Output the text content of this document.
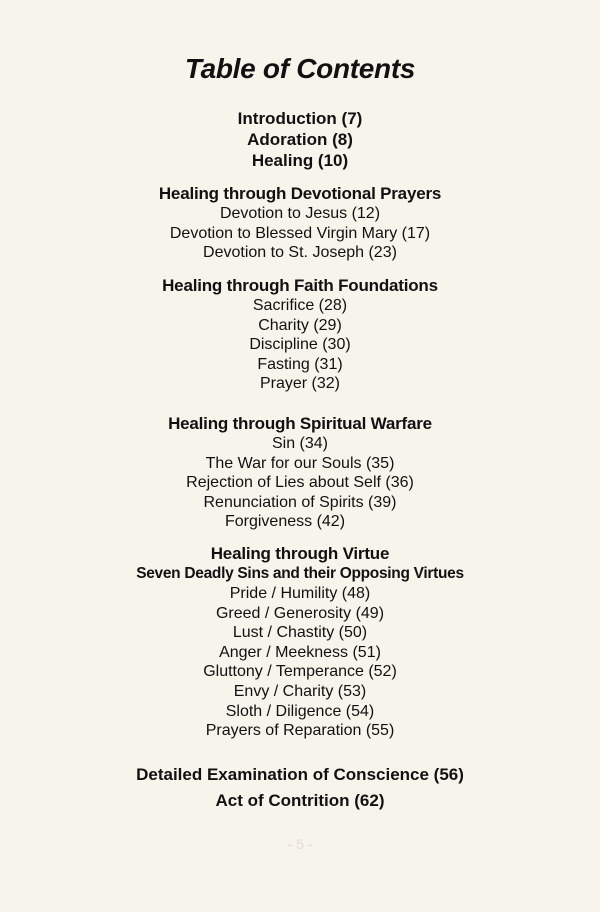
Table of Contents
Introduction (7)
Adoration (8)
Healing (10)
Healing through Devotional Prayers
Devotion to Jesus (12)
Devotion to Blessed Virgin Mary (17)
Devotion to St. Joseph (23)
Healing through Faith Foundations
Sacrifice (28)
Charity (29)
Discipline (30)
Fasting (31)
Prayer (32)
Healing through Spiritual Warfare
Sin (34)
The War for our Souls (35)
Rejection of Lies about Self (36)
Renunciation of Spirits (39)
Forgiveness (42)
Healing through Virtue
Seven Deadly Sins and their Opposing Virtues
Pride / Humility (48)
Greed / Generosity (49)
Lust / Chastity (50)
Anger / Meekness (51)
Gluttony / Temperance (52)
Envy / Charity (53)
Sloth / Diligence (54)
Prayers of Reparation (55)
Detailed Examination of Conscience (56)
Act of Contrition (62)
- 5 -
